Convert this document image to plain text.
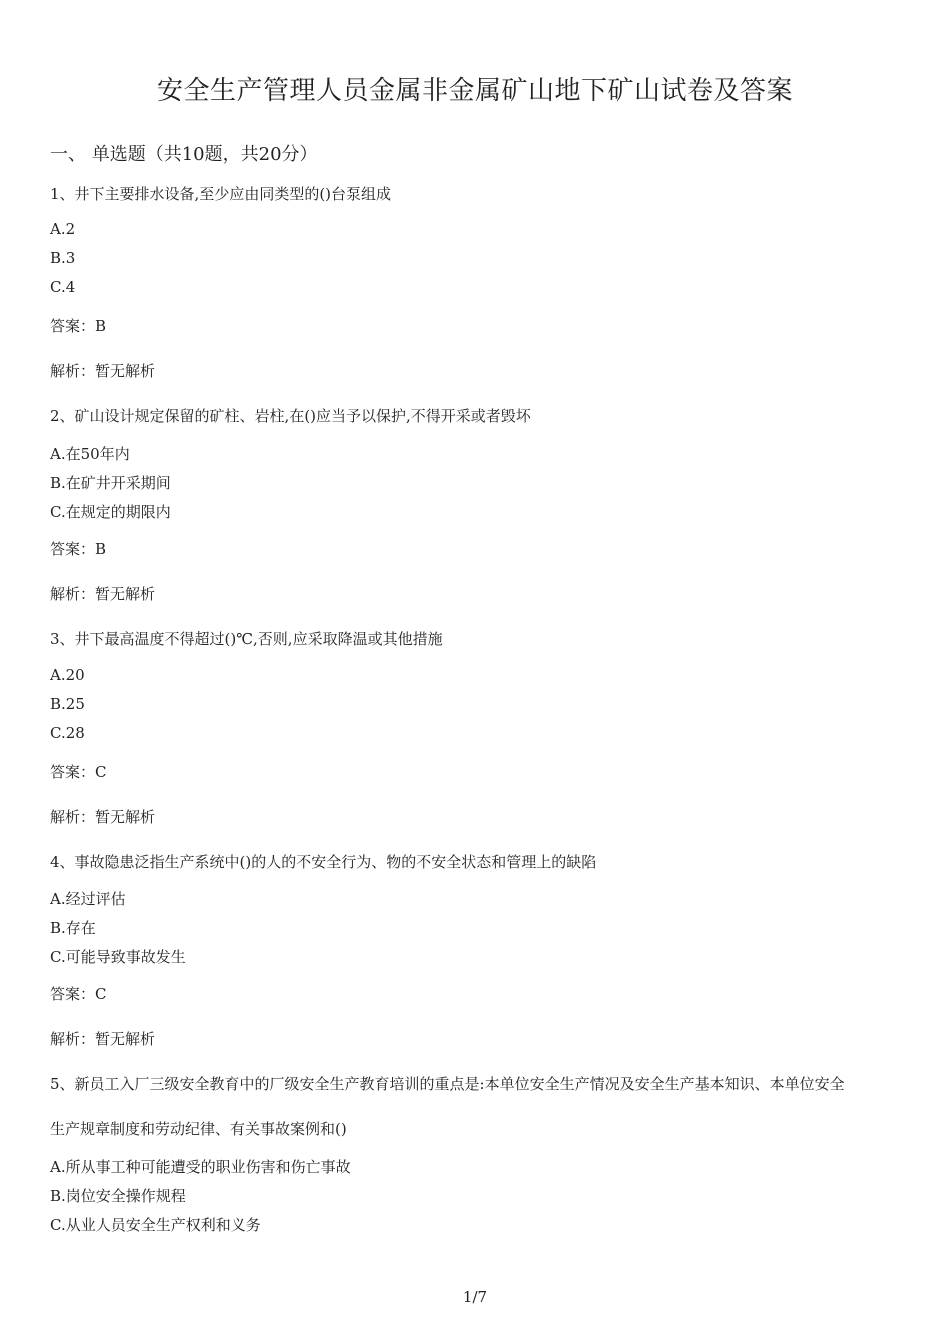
安全生产管理人员金属非金属矿山地下矿山试卷及答案
一、 单选题（共10题，共20分）
1、井下主要排水设备,至少应由同类型的()台泵组成
A.2
B.3
C.4
答案：B
解析：暂无解析
2、矿山设计规定保留的矿柱、岩柱,在()应当予以保护,不得开采或者毁坏
A.在50年内
B.在矿井开采期间
C.在规定的期限内
答案：B
解析：暂无解析
3、井下最高温度不得超过()℃,否则,应采取降温或其他措施
A.20
B.25
C.28
答案：C
解析：暂无解析
4、事故隐患泛指生产系统中()的人的不安全行为、物的不安全状态和管理上的缺陷
A.经过评估
B.存在
C.可能导致事故发生
答案：C
解析：暂无解析
5、新员工入厂三级安全教育中的厂级安全生产教育培训的重点是:本单位安全生产情况及安全生产基本知识、本单位安全
生产规章制度和劳动纪律、有关事故案例和()
A.所从事工种可能遭受的职业伤害和伤亡事故
B.岗位安全操作规程
C.从业人员安全生产权利和义务
1/7
